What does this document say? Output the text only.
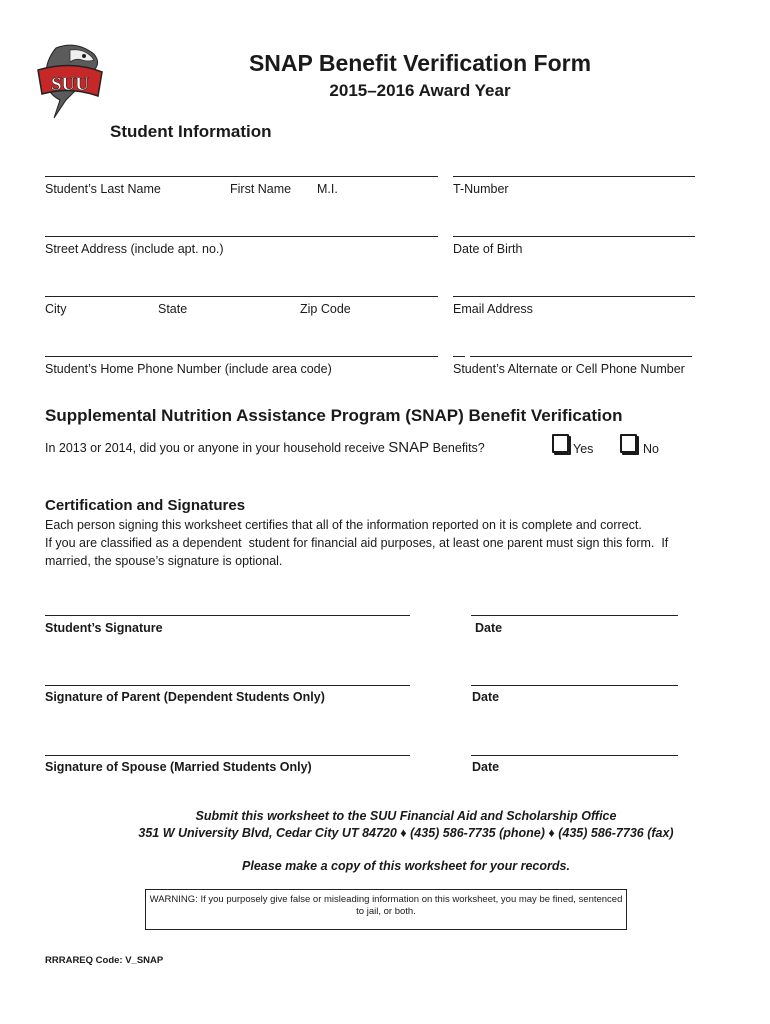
SUU
SNAP Benefit Verification Form
2015–2016 Award Year
Student Information
Student’s Last Name	First Name M.I.	T-Number
Street Address (include apt. no.)	Date of Birth
City	State	Zip Code	Email Address
Student’s Home Phone Number (include area code)	Student’s Alternate or Cell Phone Number
Supplemental Nutrition Assistance Program (SNAP) Benefit Verification
In 2013 or 2014, did you or anyone in your household receive SNAP Benefits?	Yes	No
Certification and Signatures
Each person signing this worksheet certifies that all of the information reported on it is complete and correct.
If you are classified as a dependent  student for financial aid purposes, at least one parent must sign this form.  If
married, the spouse’s signature is optional.
Student’s Signature	Date
Signature of Parent (Dependent Students Only)	Date
Signature of Spouse (Married Students Only)	Date
Submit this worksheet to the SUU Financial Aid and Scholarship Office
351 W University Blvd, Cedar City UT 84720 ♦ (435) 586-7735 (phone) ♦ (435) 586-7736 (fax)
Please make a copy of this worksheet for your records.
WARNING: If you purposely give false or misleading information on this worksheet, you may be fined, sentenced to jail, or both.
RRRAREQ Code: V_SNAP
